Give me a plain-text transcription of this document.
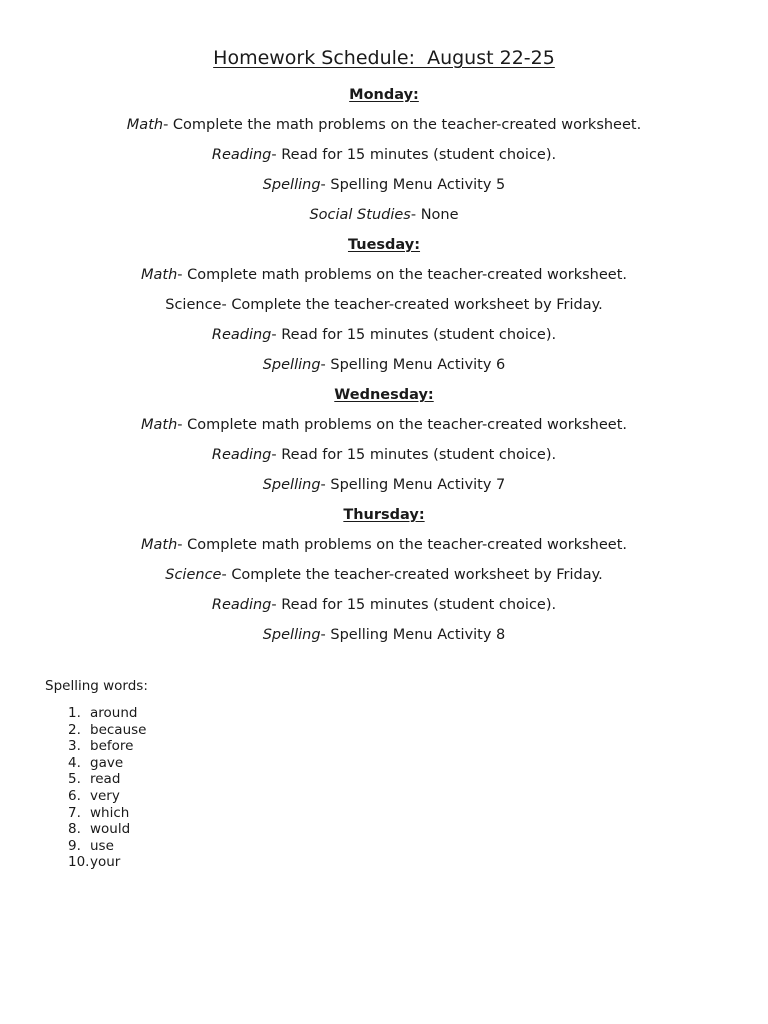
Homework Schedule:  August 22-25

Monday:

Math- Complete the math problems on the teacher-created worksheet.

Reading- Read for 15 minutes (student choice).

Spelling- Spelling Menu Activity 5

Social Studies- None

Tuesday:

Math- Complete math problems on the teacher-created worksheet.

Science- Complete the teacher-created worksheet by Friday.

Reading- Read for 15 minutes (student choice).

Spelling- Spelling Menu Activity 6

Wednesday:

Math- Complete math problems on the teacher-created worksheet.

Reading- Read for 15 minutes (student choice).

Spelling- Spelling Menu Activity 7

Thursday:

Math- Complete math problems on the teacher-created worksheet.

Science- Complete the teacher-created worksheet by Friday.

Reading- Read for 15 minutes (student choice).

Spelling- Spelling Menu Activity 8

Spelling words:

1. around
2. because
3. before
4. gave
5. read
6. very
7. which
8. would
9. use
10. your
